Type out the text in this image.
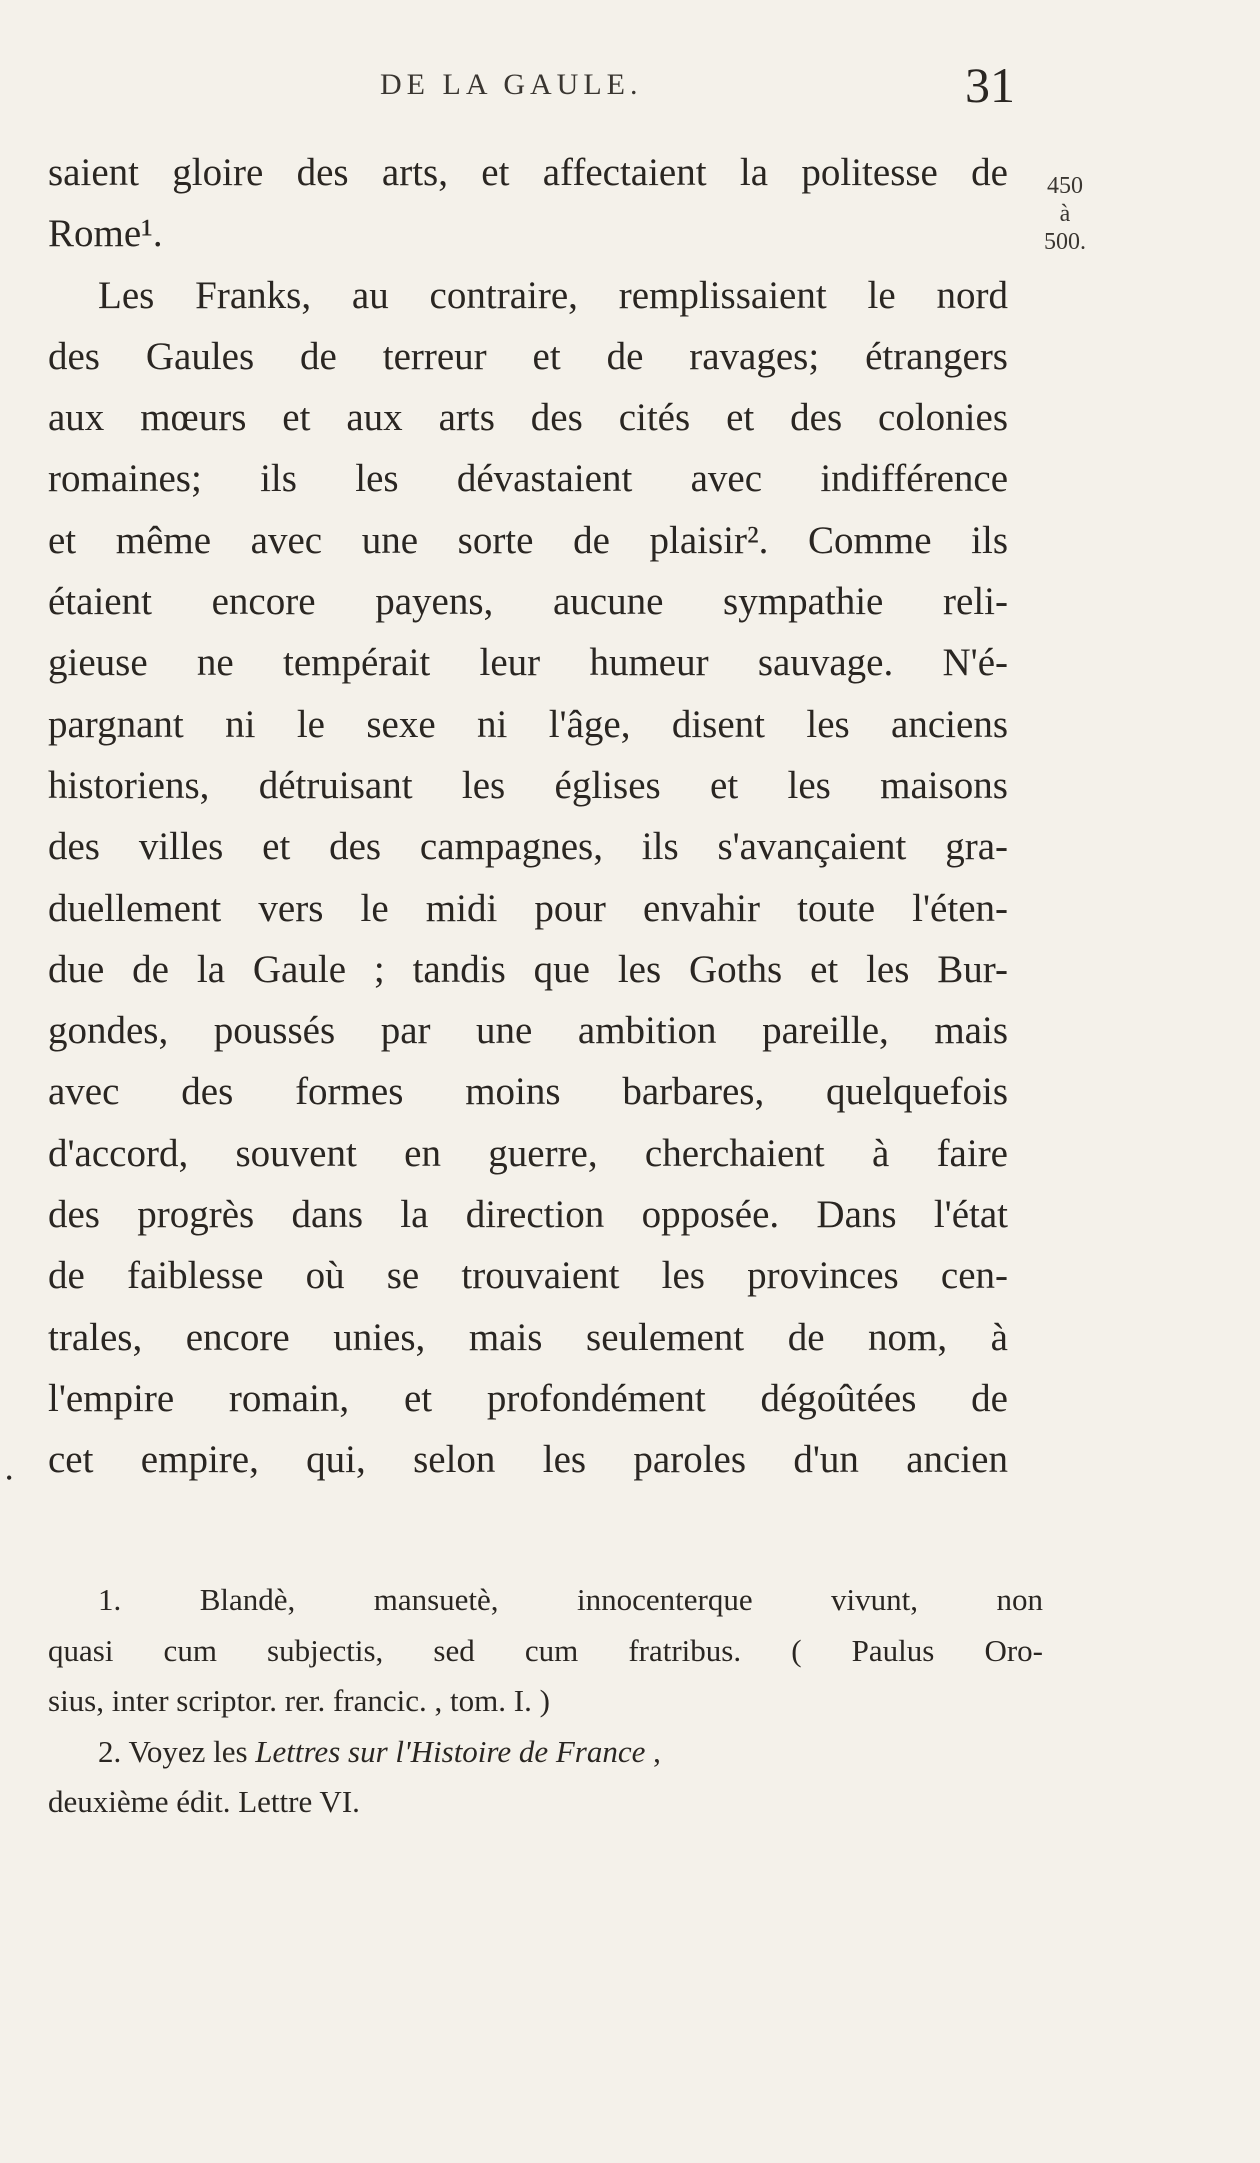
DE LA GAULE.	31
450
à
500.
saient gloire des arts, et affectaient la politesse de
Rome¹.
Les Franks, au contraire, remplissaient le nord
des Gaules de terreur et de ravages; étrangers
aux mœurs et aux arts des cités et des colonies
romaines; ils les dévastaient avec indifférence
et même avec une sorte de plaisir². Comme ils
étaient encore payens, aucune sympathie reli-
gieuse ne tempérait leur humeur sauvage. N'é-
pargnant ni le sexe ni l'âge, disent les anciens
historiens, détruisant les églises et les maisons
des villes et des campagnes, ils s'avançaient gra-
duellement vers le midi pour envahir toute l'éten-
due de la Gaule ; tandis que les Goths et les Bur-
gondes, poussés par une ambition pareille, mais
avec des formes moins barbares, quelquefois
d'accord, souvent en guerre, cherchaient à faire
des progrès dans la direction opposée. Dans l'état
de faiblesse où se trouvaient les provinces cen-
trales, encore unies, mais seulement de nom, à
l'empire romain, et profondément dégoûtées de
cet empire, qui, selon les paroles d'un ancien
•
1. Blandè, mansuetè, innocenterque vivunt, non
quasi cum subjectis, sed cum fratribus. ( Paulus Oro-
sius, inter scriptor. rer. francic. , tom. I. )
2. Voyez les Lettres sur l'Histoire de France ,
deuxième édit. Lettre VI.
